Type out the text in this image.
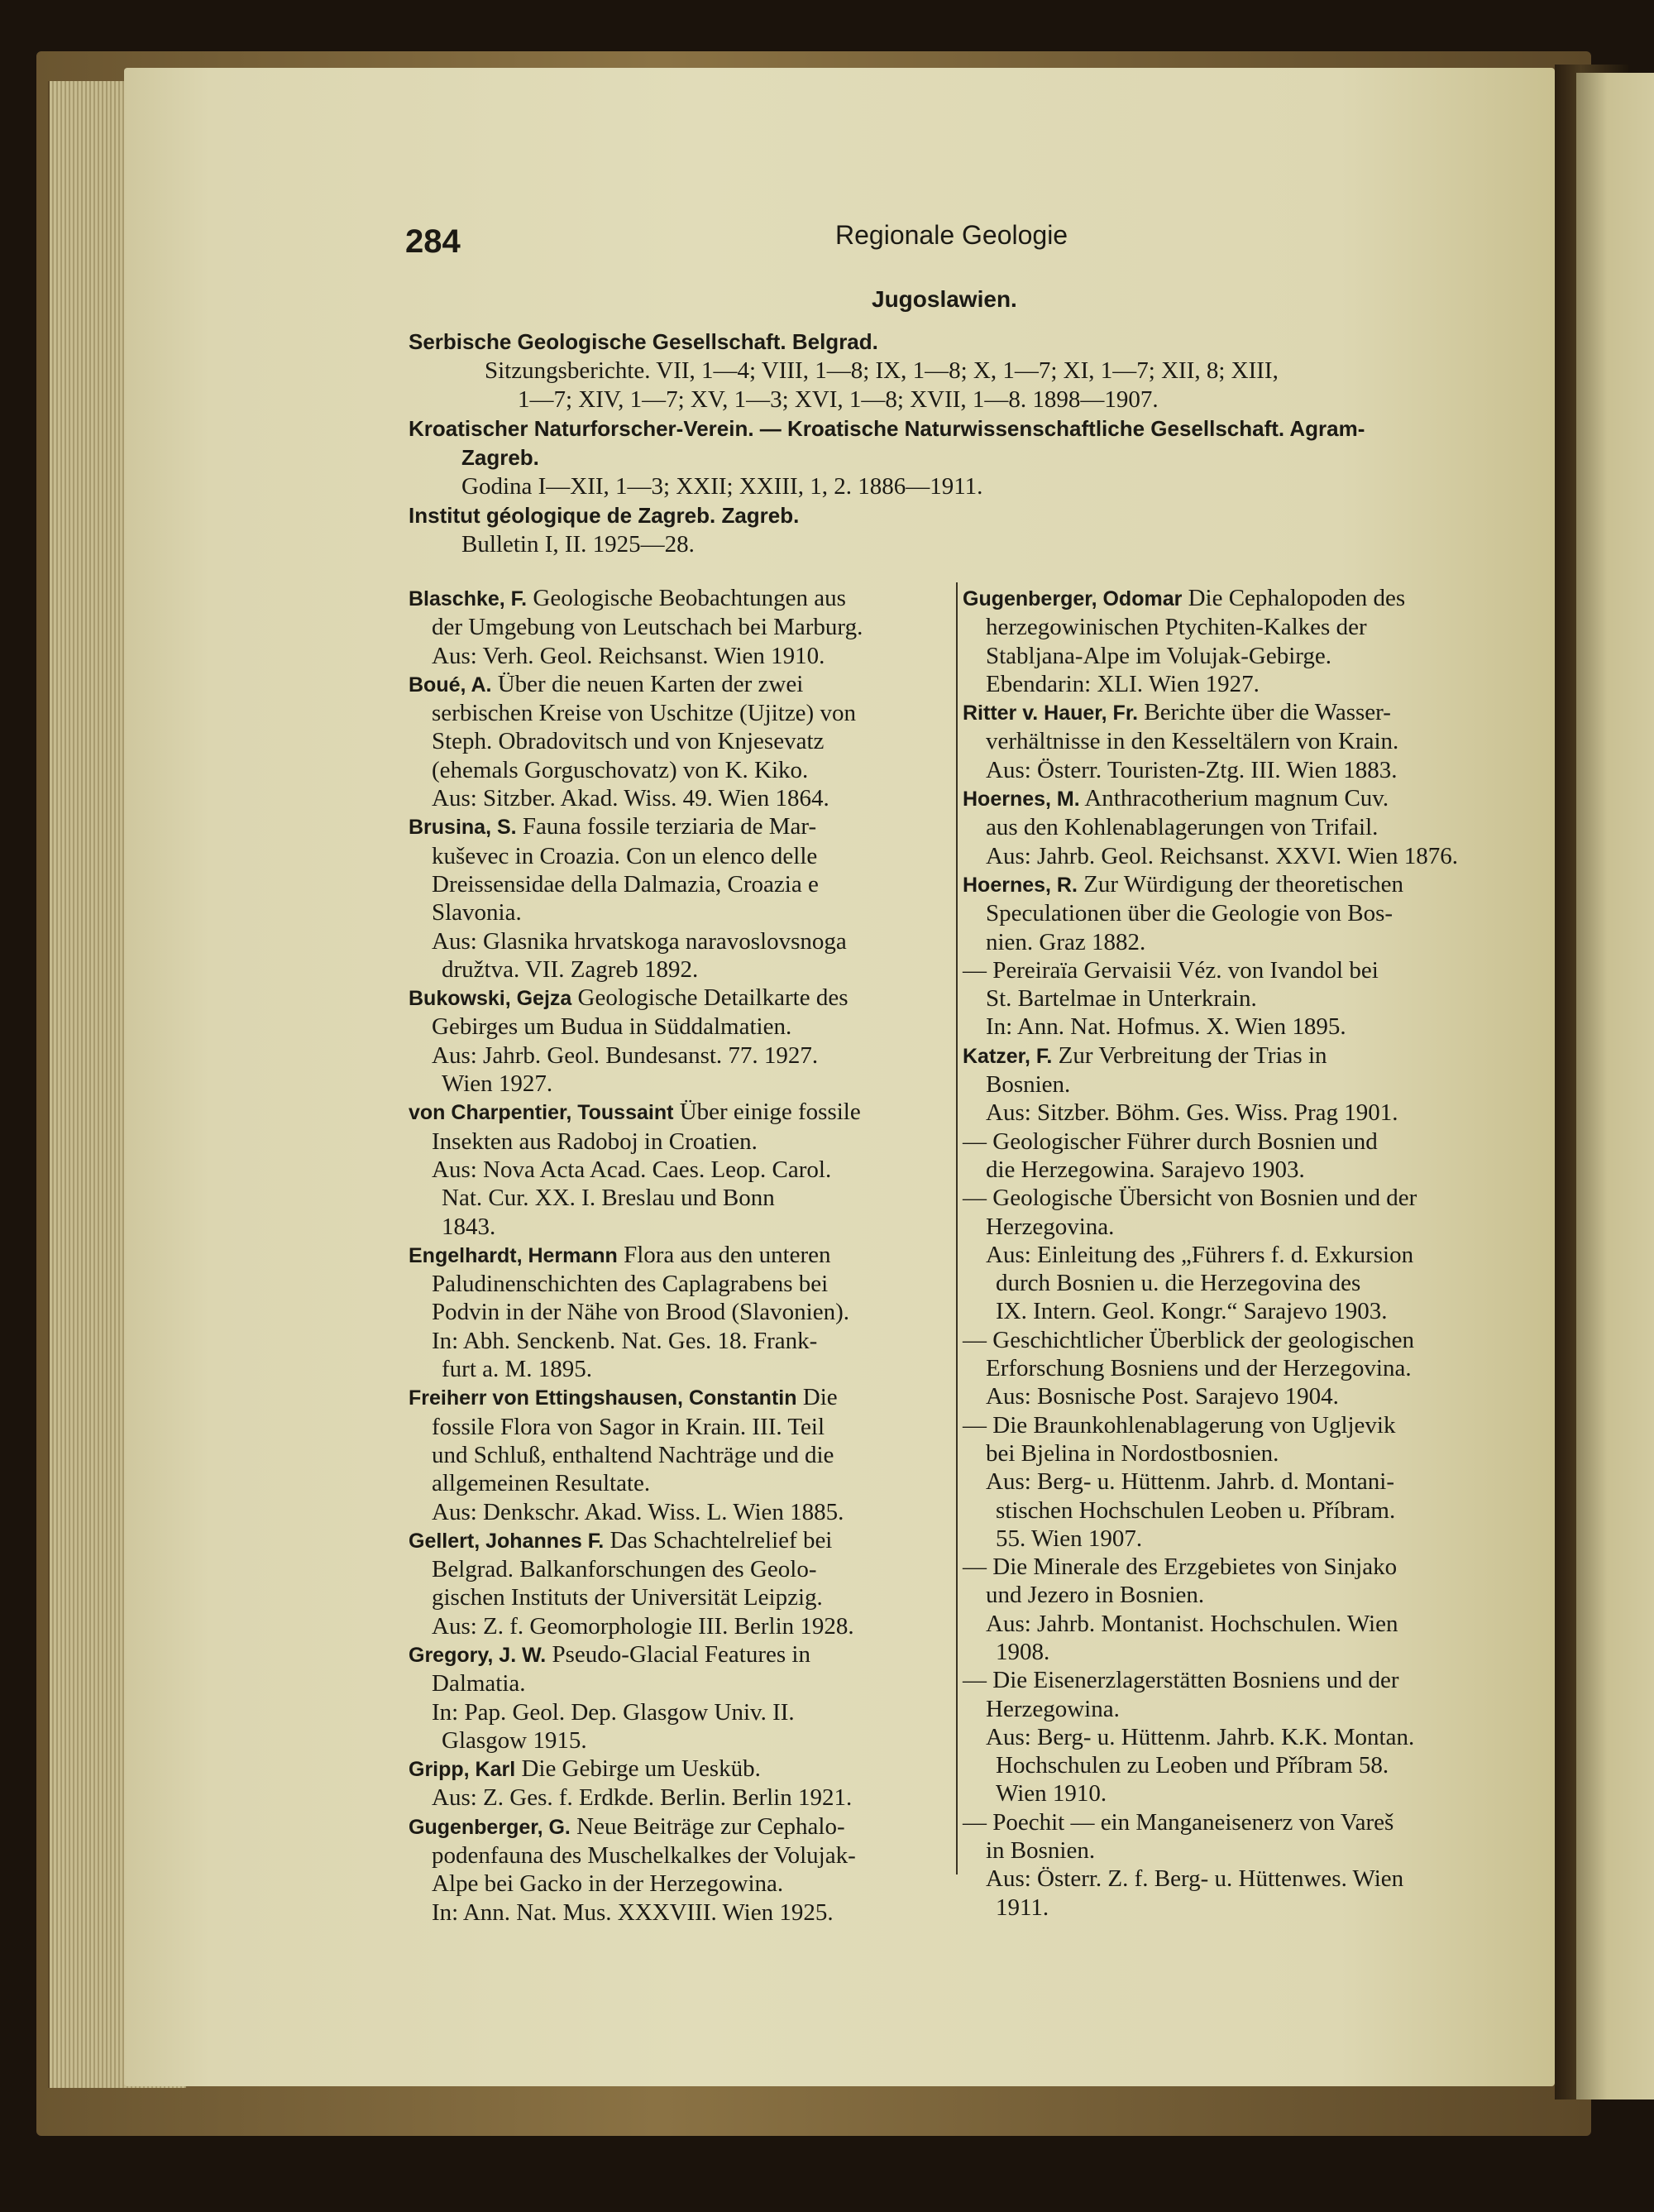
284	Regionale Geologie
Jugoslawien.
Serbische Geologische Gesellschaft. Belgrad.
Sitzungsberichte. VII, 1—4; VIII, 1—8; IX, 1—8; X, 1—7; XI, 1—7; XII, 8; XIII,
1—7; XIV, 1—7; XV, 1—3; XVI, 1—8; XVII, 1—8. 1898—1907.
Kroatischer Naturforscher-Verein. — Kroatische Naturwissenschaftliche Gesellschaft. Agram-
Zagreb.
Godina I—XII, 1—3; XXII; XXIII, 1, 2. 1886—1911.
Institut géologique de Zagreb. Zagreb.
Bulletin I, II. 1925—28.
Blaschke, F. Geologische Beobachtungen aus
der Umgebung von Leutschach bei Marburg.
Aus: Verh. Geol. Reichsanst. Wien 1910.
Boué, A. Über die neuen Karten der zwei
serbischen Kreise von Uschitze (Ujitze) von
Steph. Obradovitsch und von Knjesevatz
(ehemals Gorguschovatz) von K. Kiko.
Aus: Sitzber. Akad. Wiss. 49. Wien 1864.
Brusina, S. Fauna fossile terziaria de Mar-
kuševec in Croazia. Con un elenco delle
Dreissensidae della Dalmazia, Croazia e
Slavonia.
Aus: Glasnika hrvatskoga naravoslovsnoga
družtva. VII. Zagreb 1892.
Bukowski, Gejza Geologische Detailkarte des
Gebirges um Budua in Süddalmatien.
Aus: Jahrb. Geol. Bundesanst. 77. 1927.
Wien 1927.
von Charpentier, Toussaint Über einige fossile
Insekten aus Radoboj in Croatien.
Aus: Nova Acta Acad. Caes. Leop. Carol.
Nat. Cur. XX. I. Breslau und Bonn
1843.
Engelhardt, Hermann Flora aus den unteren
Paludinenschichten des Caplagrabens bei
Podvin in der Nähe von Brood (Slavonien).
In: Abh. Senckenb. Nat. Ges. 18. Frank-
furt a. M. 1895.
Freiherr von Ettingshausen, Constantin Die
fossile Flora von Sagor in Krain. III. Teil
und Schluß, enthaltend Nachträge und die
allgemeinen Resultate.
Aus: Denkschr. Akad. Wiss. L. Wien 1885.
Gellert, Johannes F. Das Schachtelrelief bei
Belgrad. Balkanforschungen des Geolo-
gischen Instituts der Universität Leipzig.
Aus: Z. f. Geomorphologie III. Berlin 1928.
Gregory, J. W. Pseudo-Glacial Features in
Dalmatia.
In: Pap. Geol. Dep. Glasgow Univ. II.
Glasgow 1915.
Gripp, Karl Die Gebirge um Uesküb.
Aus: Z. Ges. f. Erdkde. Berlin. Berlin 1921.
Gugenberger, G. Neue Beiträge zur Cephalo-
podenfauna des Muschelkalkes der Volujak-
Alpe bei Gacko in der Herzegowina.
In: Ann. Nat. Mus. XXXVIII. Wien 1925.
Gugenberger, Odomar Die Cephalopoden des
herzegowinischen Ptychiten-Kalkes der
Stabljana-Alpe im Volujak-Gebirge.
Ebendarin: XLI. Wien 1927.
Ritter v. Hauer, Fr. Berichte über die Wasser-
verhältnisse in den Kesseltälern von Krain.
Aus: Österr. Touristen-Ztg. III. Wien 1883.
Hoernes, M. Anthracotherium magnum Cuv.
aus den Kohlenablagerungen von Trifail.
Aus: Jahrb. Geol. Reichsanst. XXVI. Wien 1876.
Hoernes, R. Zur Würdigung der theoretischen
Speculationen über die Geologie von Bos-
nien. Graz 1882.
— Pereiraïa Gervaisii Véz. von Ivandol bei
St. Bartelmae in Unterkrain.
In: Ann. Nat. Hofmus. X. Wien 1895.
Katzer, F. Zur Verbreitung der Trias in
Bosnien.
Aus: Sitzber. Böhm. Ges. Wiss. Prag 1901.
— Geologischer Führer durch Bosnien und
die Herzegowina. Sarajevo 1903.
— Geologische Übersicht von Bosnien und der
Herzegovina.
Aus: Einleitung des „Führers f. d. Exkursion
durch Bosnien u. die Herzegovina des
IX. Intern. Geol. Kongr.“ Sarajevo 1903.
— Geschichtlicher Überblick der geologischen
Erforschung Bosniens und der Herzegovina.
Aus: Bosnische Post. Sarajevo 1904.
— Die Braunkohlenablagerung von Ugljevik
bei Bjelina in Nordostbosnien.
Aus: Berg- u. Hüttenm. Jahrb. d. Montani-
stischen Hochschulen Leoben u. Příbram.
55. Wien 1907.
— Die Minerale des Erzgebietes von Sinjako
und Jezero in Bosnien.
Aus: Jahrb. Montanist. Hochschulen. Wien
1908.
— Die Eisenerzlagerstätten Bosniens und der
Herzegowina.
Aus: Berg- u. Hüttenm. Jahrb. K.K. Montan.
Hochschulen zu Leoben und Příbram 58.
Wien 1910.
— Poechit — ein Manganeisenerz von Vareš
in Bosnien.
Aus: Österr. Z. f. Berg- u. Hüttenwes. Wien
1911.
